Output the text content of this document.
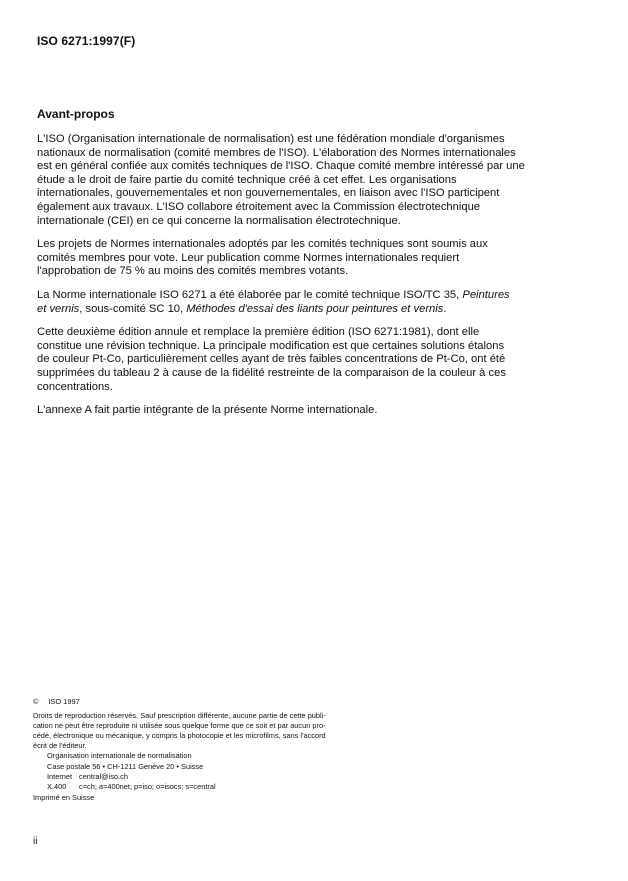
ISO 6271:1997(F)
Avant-propos

L'ISO (Organisation internationale de normalisation) est une fédération mondiale d'organismes
nationaux de normalisation (comité membres de l'ISO). L'élaboration des Normes internationales
est en général confiée aux comités techniques de l'ISO. Chaque comité membre intéressé par une
étude a le droit de faire partie du comité technique créé à cet effet. Les organisations
internationales, gouvernementales et non gouvernementales, en liaison avec l'ISO participent
également aux travaux. L'ISO collabore étroitement avec la Commission électrotechnique
internationale (CEI) en ce qui concerne la normalisation électrotechnique.

Les projets de Normes internationales adoptés par les comités techniques sont soumis aux
comités membres pour vote. Leur publication comme Normes internationales requiert
l'approbation de 75 % au moins des comités membres votants.

La Norme internationale ISO 6271 a été élaborée par le comité technique ISO/TC 35, Peintures
et vernis, sous-comité SC 10, Méthodes d'essai des liants pour peintures et vernis.

Cette deuxième édition annule et remplace la première édition (ISO 6271:1981), dont elle
constitue une révision technique. La principale modification est que certaines solutions étalons
de couleur Pt-Co, particulièrement celles ayant de très faibles concentrations de Pt-Co, ont été
supprimées du tableau 2 à cause de la fidélité restreinte de la comparaison de la couleur à ces
concentrations.

L'annexe A fait partie intégrante de la présente Norme internationale.

© ISO 1997
Droits de reproduction réservés. Sauf prescription différente, aucune partie de cette publi-
cation ne peut être reproduite ni utilisée sous quelque forme que ce soit et par aucun pro-
cédé, électronique ou mécanique, y compris la photocopie et les microfilms, sans l'accord
écrit de l'éditeur.
Organisation internationale de normalisation
Case postale 56 • CH-1211 Genève 20 • Suisse
Internet central@iso.ch
X.400	c=ch; a=400net; p=iso; o=isocs; s=central
Imprimé en Suisse
ii
